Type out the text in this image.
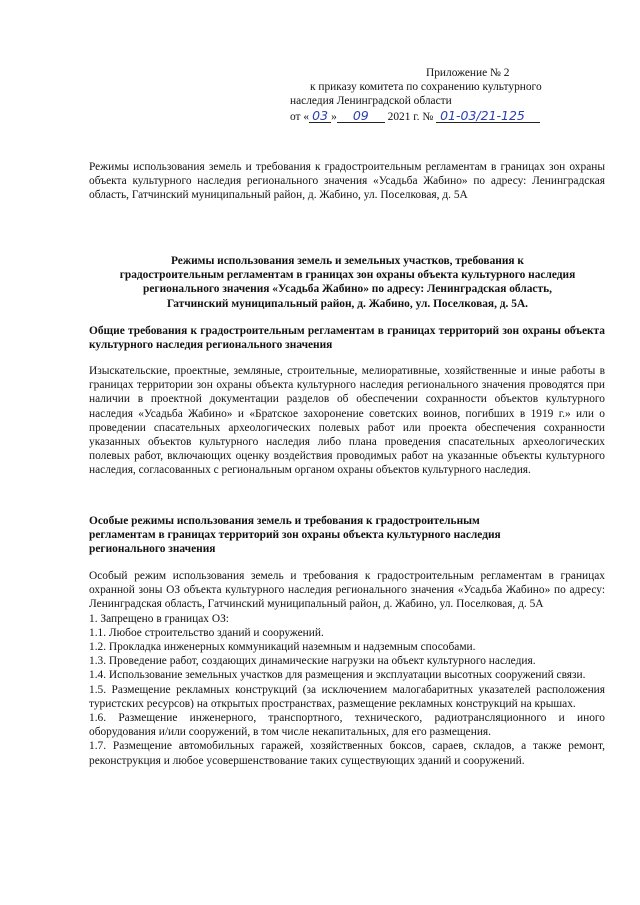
Приложение № 2
к приказу комитета по сохранению культурного
наследия Ленинградской области
от « 03 » 09 2021 г. № 01-03/21-125

Режимы использования земель и требования к градостроительным регламентам в границах зон охраны объекта культурного наследия регионального значения «Усадьба Жабино» по адресу: Ленинградская область, Гатчинский муниципальный район, д. Жабино, ул. Поселковая, д. 5А

Режимы использования земель и земельных участков, требования к
градостроительным регламентам в границах зон охраны объекта культурного наследия
регионального значения «Усадьба Жабино» по адресу: Ленинградская область,
Гатчинский муниципальный район, д. Жабино, ул. Поселковая, д. 5А.

Общие требования к градостроительным регламентам в границах территорий зон охраны объекта культурного наследия регионального значения

Изыскательские, проектные, земляные, строительные, мелиоративные, хозяйственные и иные работы в границах территории зон охраны объекта культурного наследия регионального значения проводятся при наличии в проектной документации разделов об обеспечении сохранности объектов культурного наследия «Усадьба Жабино» и «Братское захоронение советских воинов, погибших в 1919 г.» или о проведении спасательных археологических полевых работ или проекта обеспечения сохранности указанных объектов культурного наследия либо плана проведения спасательных археологических полевых работ, включающих оценку воздействия проводимых работ на указанные объекты культурного наследия, согласованных с региональным органом охраны объектов культурного наследия.

Особые режимы использования земель и требования к градостроительным
регламентам в границах территорий зон охраны объекта культурного наследия
регионального значения

Особый режим использования земель и требования к градостроительным регламентам в границах охранной зоны ОЗ объекта культурного наследия регионального значения «Усадьба Жабино» по адресу: Ленинградская область, Гатчинский муниципальный район, д. Жабино, ул. Поселковая, д. 5А

1. Запрещено в границах ОЗ:

1.1. Любое строительство зданий и сооружений.

1.2. Прокладка инженерных коммуникаций наземным и надземным способами.

1.3. Проведение работ, создающих динамические нагрузки на объект культурного наследия.

1.4. Использование земельных участков для размещения и эксплуатации высотных сооружений связи.

1.5. Размещение рекламных конструкций (за исключением малогабаритных указателей расположения туристских ресурсов) на открытых пространствах, размещение рекламных конструкций на крышах.

1.6. Размещение инженерного, транспортного, технического, радиотрансляционного и иного оборудования и/или сооружений, в том числе некапитальных, для его размещения.

1.7. Размещение автомобильных гаражей, хозяйственных боксов, сараев, складов, а также ремонт, реконструкция и любое усовершенствование таких существующих зданий и сооружений.
